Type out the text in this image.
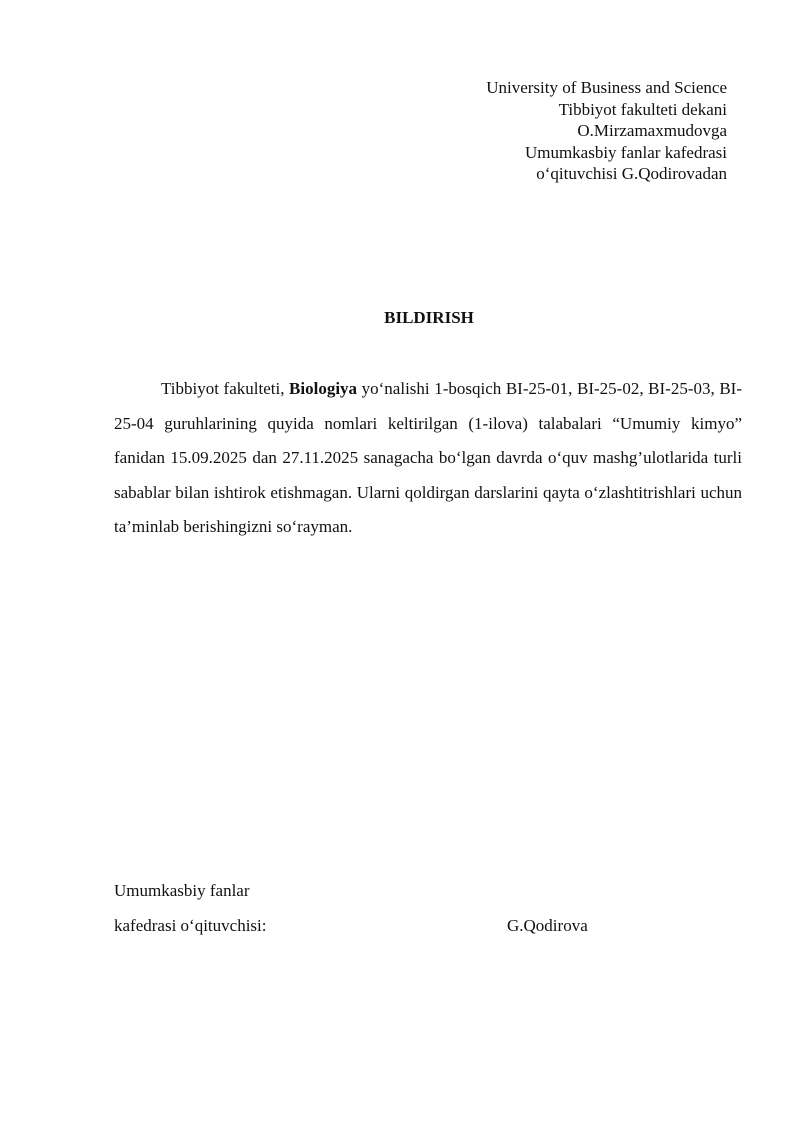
University of Business and Science
Tibbiyot fakulteti dekani
O.Mirzamaxmudovga
Umumkasbiy fanlar kafedrasi
o‘qituvchisi G.Qodirovadan
BILDIRISH

Tibbiyot fakulteti, Biologiya yo‘nalishi 1-bosqich BI-25-01, BI-25-02, BI-25-03, BI-25-04 guruhlarining quyida nomlari keltirilgan (1-ilova) talabalari “Umumiy kimyo” fanidan 15.09.2025 dan 27.11.2025 sanagacha bo‘lgan davrda o‘quv mashg’ulotlarida turli sabablar bilan ishtirok etishmagan. Ularni qoldirgan darslarini qayta o‘zlashtitrishlari uchun ta’minlab berishingizni so‘rayman.

Umumkasbiy fanlar
kafedrasi o‘qituvchisi:	G.Qodirova
